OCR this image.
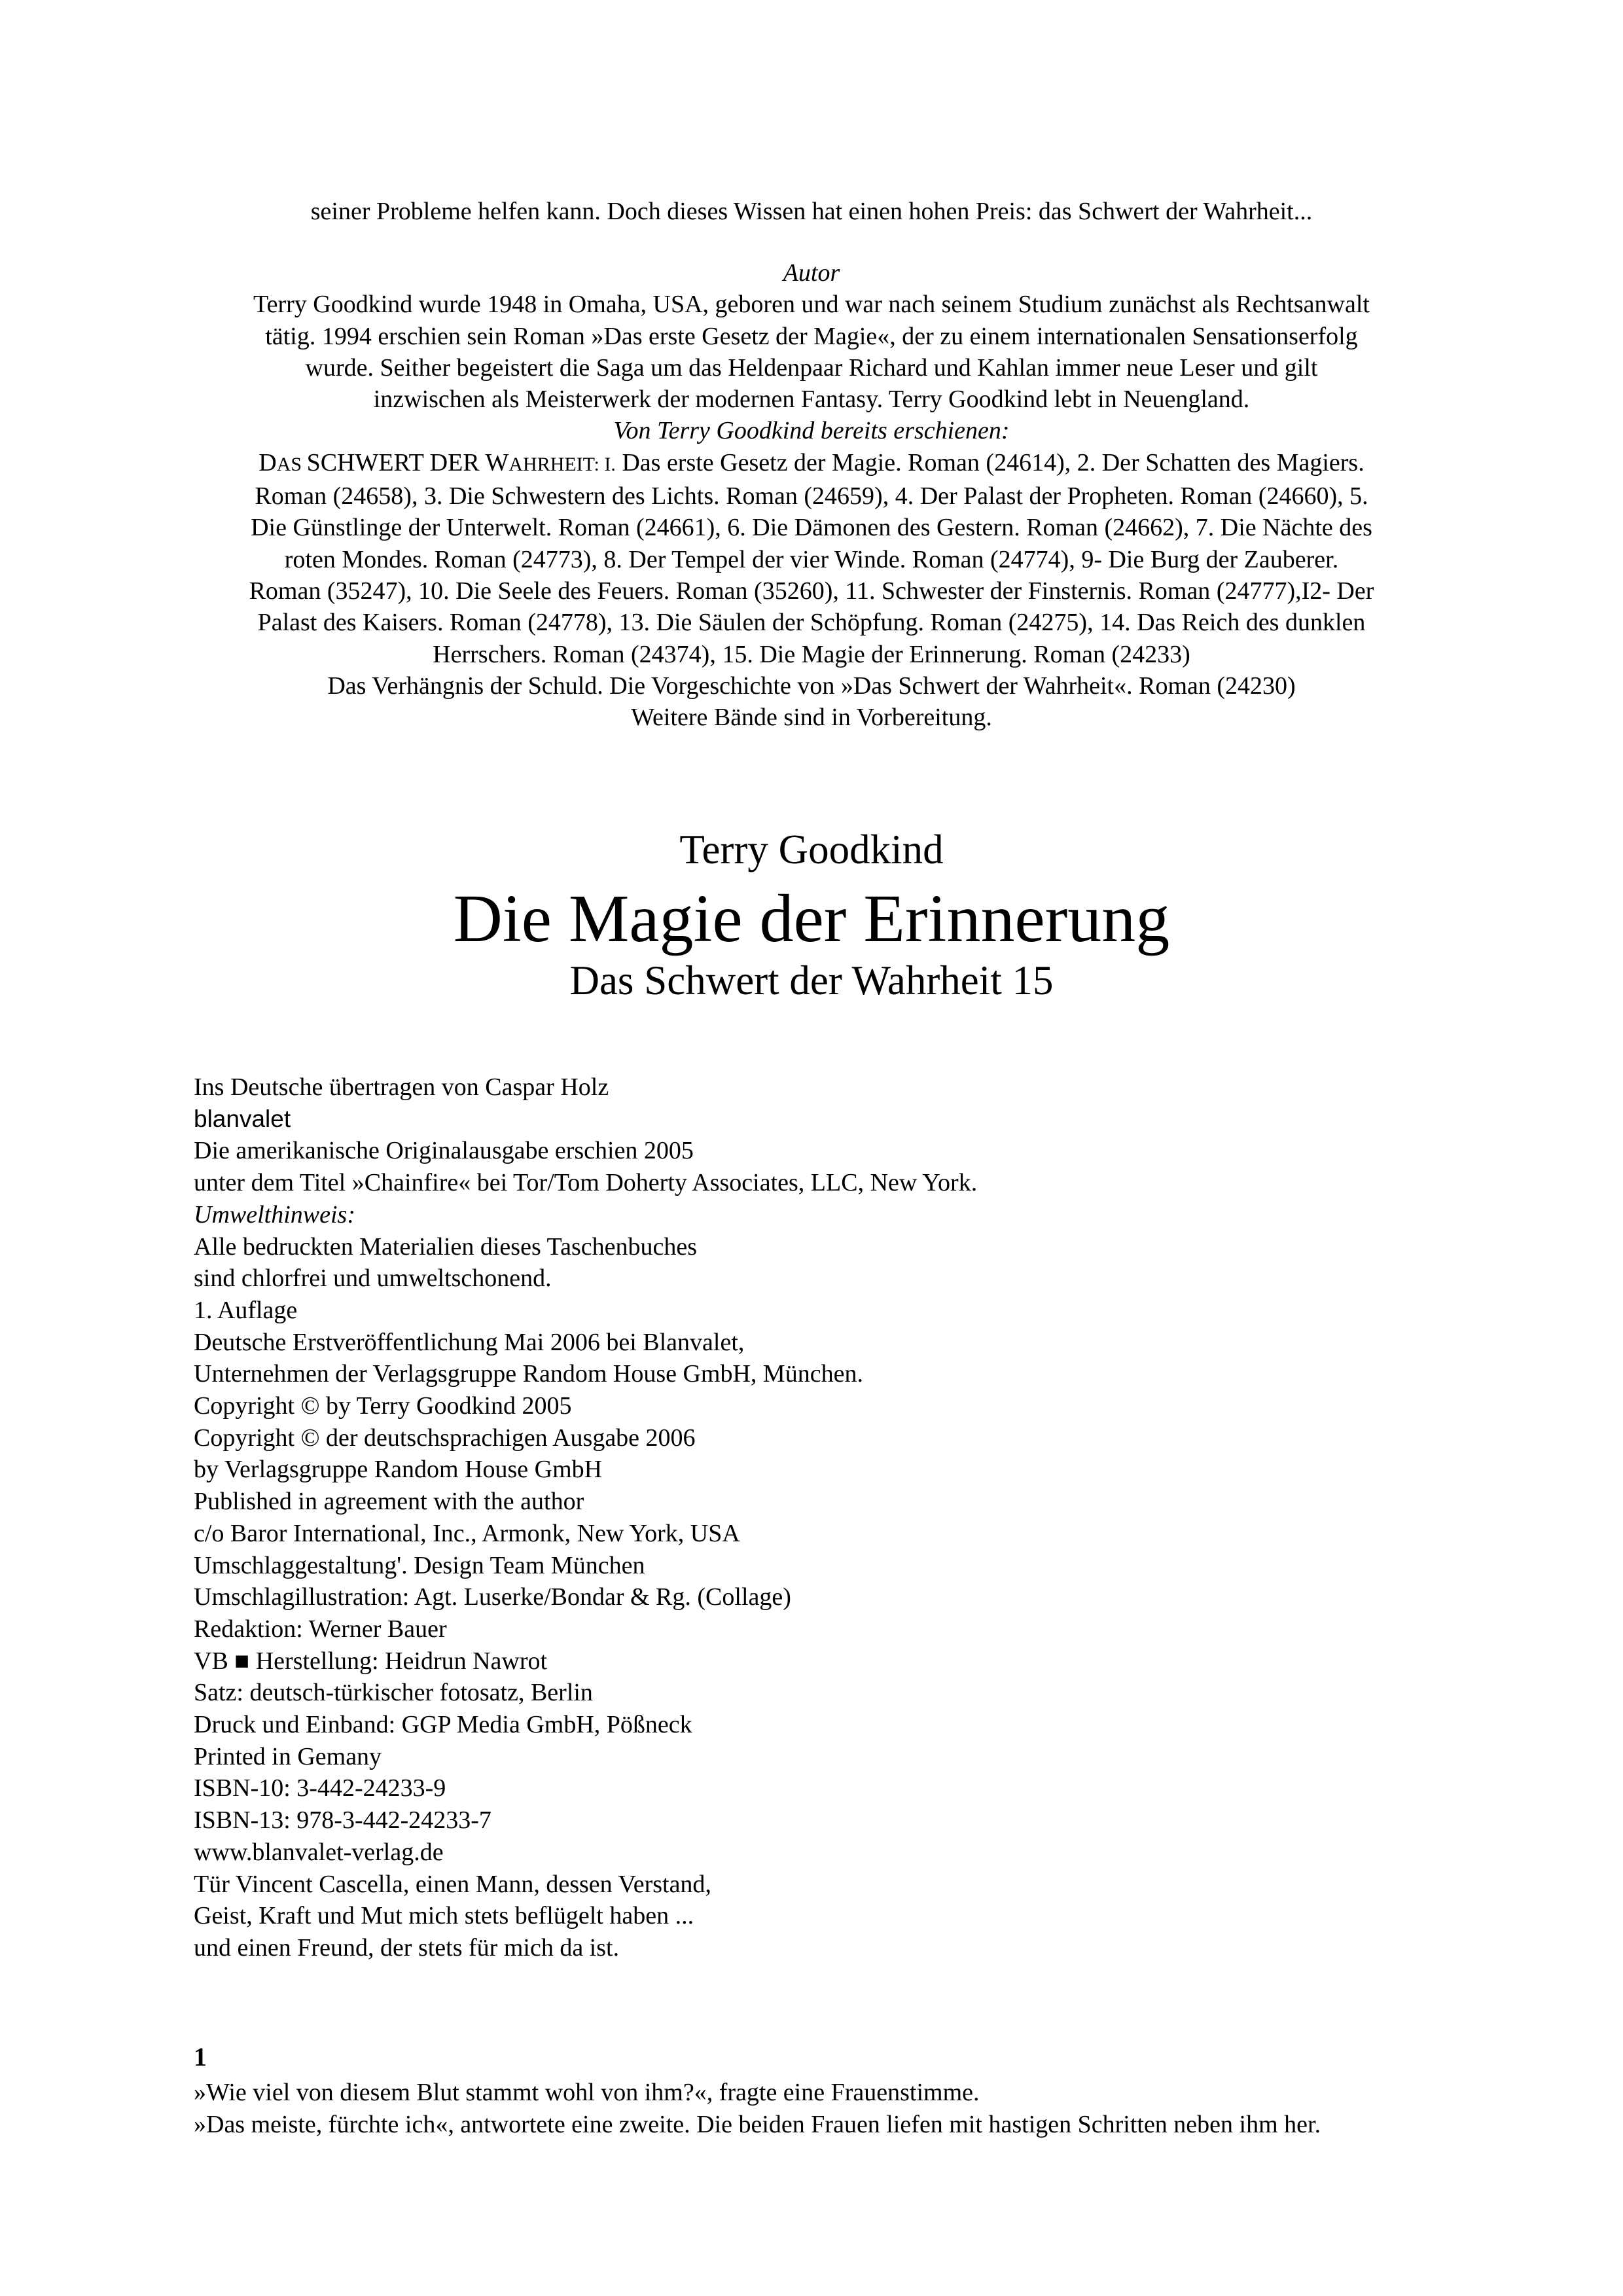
seiner Probleme helfen kann. Doch dieses Wissen hat einen hohen Preis: das Schwert der Wahrheit...
Autor
Terry Goodkind wurde 1948 in Omaha, USA, geboren und war nach seinem Studium zunächst als Rechtsanwalt
tätig. 1994 erschien sein Roman »Das erste Gesetz der Magie«, der zu einem internationalen Sensationserfolg
wurde. Seither begeistert die Saga um das Heldenpaar Richard und Kahlan immer neue Leser und gilt
inzwischen als Meisterwerk der modernen Fantasy. Terry Goodkind lebt in Neuengland.
Von Terry Goodkind bereits erschienen:
DAS SCHWERT DER WAHRHEIT: I. Das erste Gesetz der Magie. Roman (24614), 2. Der Schatten des Magiers.
Roman (24658), 3. Die Schwestern des Lichts. Roman (24659), 4. Der Palast der Propheten. Roman (24660), 5.
Die Günstlinge der Unterwelt. Roman (24661), 6. Die Dämonen des Gestern. Roman (24662), 7. Die Nächte des
roten Mondes. Roman (24773), 8. Der Tempel der vier Winde. Roman (24774), 9- Die Burg der Zauberer.
Roman (35247), 10. Die Seele des Feuers. Roman (35260), 11. Schwester der Finsternis. Roman (24777),I2- Der
Palast des Kaisers. Roman (24778), 13. Die Säulen der Schöpfung. Roman (24275), 14. Das Reich des dunklen
Herrschers. Roman (24374), 15. Die Magie der Erinnerung. Roman (24233)
Das Verhängnis der Schuld. Die Vorgeschichte von »Das Schwert der Wahrheit«. Roman (24230)
Weitere Bände sind in Vorbereitung.
Terry Goodkind
Die Magie der Erinnerung
Das Schwert der Wahrheit 15
Ins Deutsche übertragen von Caspar Holz
blanvalet
Die amerikanische Originalausgabe erschien 2005
unter dem Titel »Chainfire« bei Tor/Tom Doherty Associates, LLC, New York.
Umwelthinweis:
Alle bedruckten Materialien dieses Taschenbuches
sind chlorfrei und umweltschonend.
1. Auflage
Deutsche Erstveröffentlichung Mai 2006 bei Blanvalet,
Unternehmen der Verlagsgruppe Random House GmbH, München.
Copyright © by Terry Goodkind 2005
Copyright © der deutschsprachigen Ausgabe 2006
by Verlagsgruppe Random House GmbH
Published in agreement with the author
c/o Baror International, Inc., Armonk, New York, USA
Umschlaggestaltung'. Design Team München
Umschlagillustration: Agt. Luserke/Bondar & Rg. (Collage)
Redaktion: Werner Bauer
VB ■ Herstellung: Heidrun Nawrot
Satz: deutsch-türkischer fotosatz, Berlin
Druck und Einband: GGP Media GmbH, Pößneck
Printed in Gemany
ISBN-10: 3-442-24233-9
ISBN-13: 978-3-442-24233-7
www.blanvalet-verlag.de
Tür Vincent Cascella, einen Mann, dessen Verstand,
Geist, Kraft und Mut mich stets beflügelt haben ...
und einen Freund, der stets für mich da ist.
1
»Wie viel von diesem Blut stammt wohl von ihm?«, fragte eine Frauenstimme.
»Das meiste, fürchte ich«, antwortete eine zweite. Die beiden Frauen liefen mit hastigen Schritten neben ihm her.
